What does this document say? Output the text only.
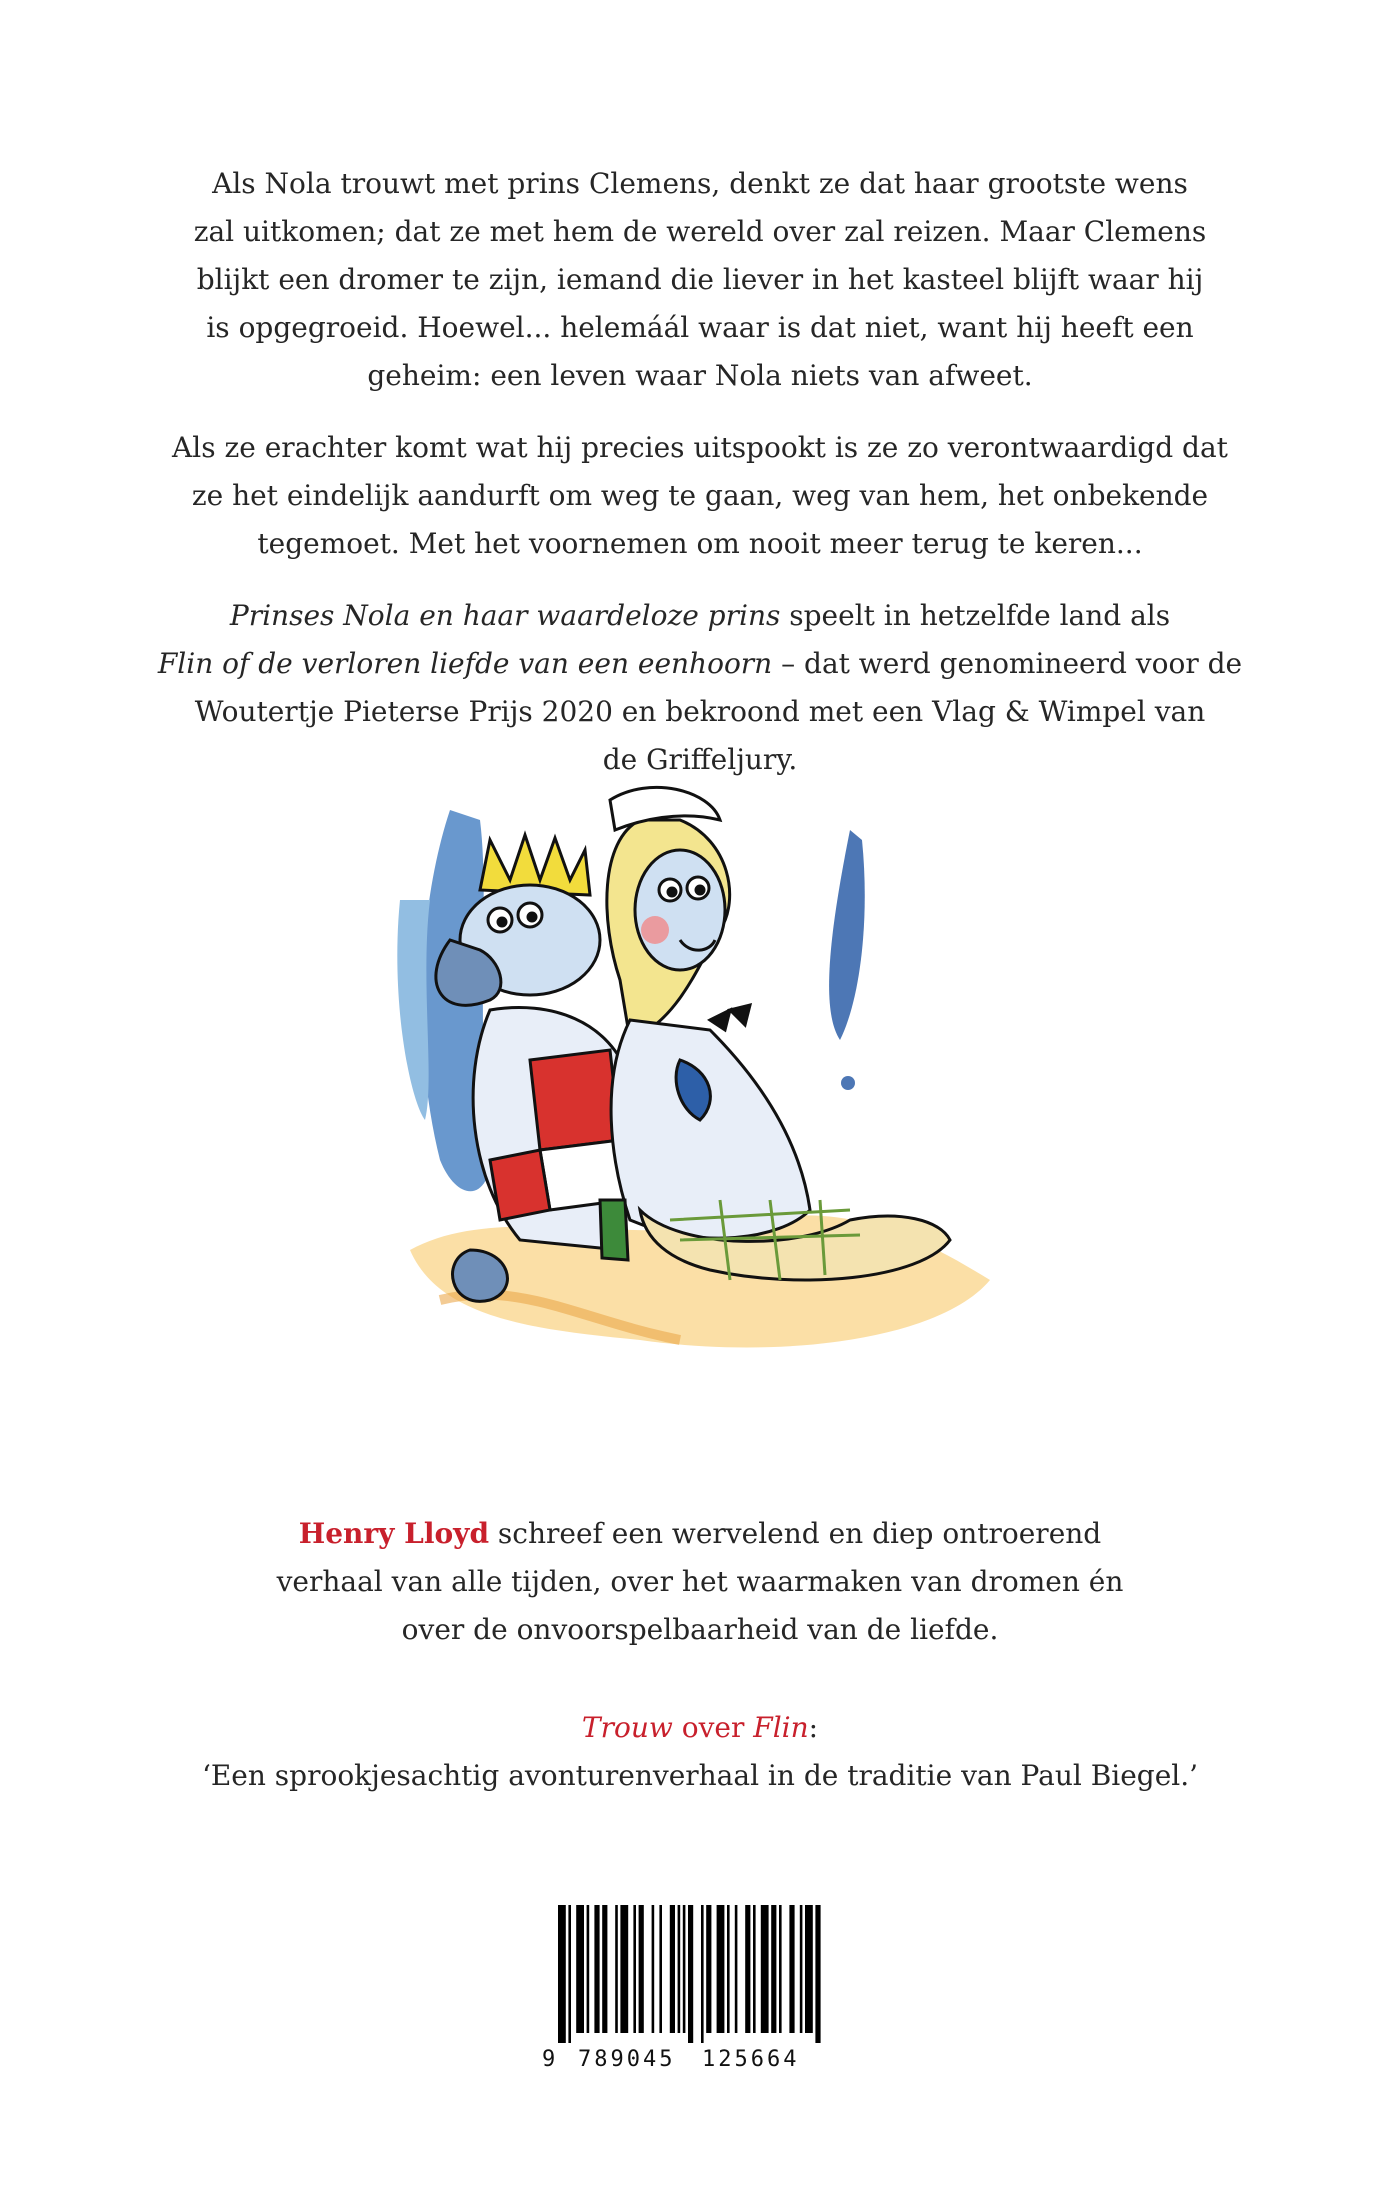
Als Nola trouwt met prins Clemens, denkt ze dat haar grootste wens
zal uitkomen; dat ze met hem de wereld over zal reizen. Maar Clemens
blijkt een dromer te zijn, iemand die liever in het kasteel blijft waar hij
is opgegroeid. Hoewel... helemáál waar is dat niet, want hij heeft een
geheim: een leven waar Nola niets van afweet.

Als ze erachter komt wat hij precies uitspookt is ze zo verontwaardigd dat
ze het eindelijk aandurft om weg te gaan, weg van hem, het onbekende
tegemoet. Met het voornemen om nooit meer terug te keren...

Prinses Nola en haar waardeloze prins speelt in hetzelfde land als
Flin of de verloren liefde van een eenhoorn – dat werd genomineerd voor de
Woutertje Pieterse Prijs 2020 en bekroond met een Vlag & Wimpel van
de Griffeljury.

Henry Lloyd schreef een wervelend en diep ontroerend
verhaal van alle tijden, over het waarmaken van dromen én
over de onvoorspelbaarheid van de liefde.

Trouw over Flin:

‘Een sprookjesachtig avonturenverhaal in de traditie van Paul Biegel.’

9 789045 125664
